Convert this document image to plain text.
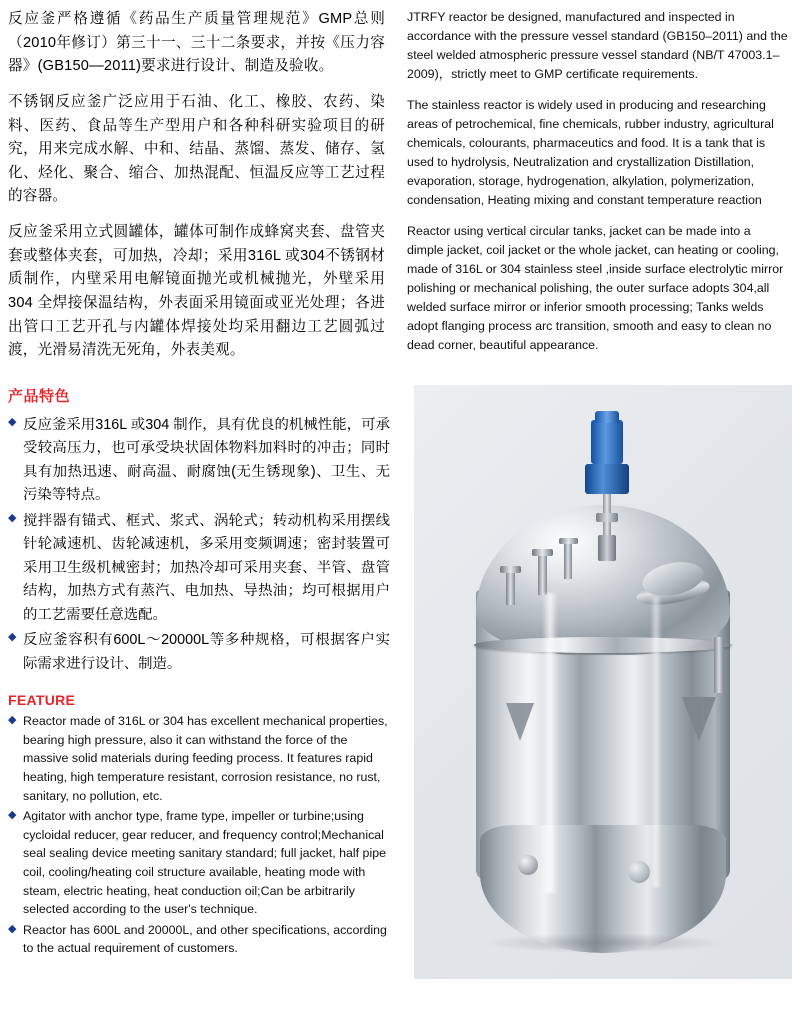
反应釜严格遵循《药品生产质量管理规范》GMP总则（2010年修订）第三十一、三十二条要求，并按《压力容器》(GB150—2011)要求进行设计、制造及验收。

不锈钢反应釜广泛应用于石油、化工、橡胶、农药、染料、医药、食品等生产型用户和各种科研实验项目的研究，用来完成水解、中和、结晶、蒸馏、蒸发、储存、氢化、烃化、聚合、缩合、加热混配、恒温反应等工艺过程的容器。

反应釜采用立式圆罐体，罐体可制作成蜂窝夹套、盘管夹套或整体夹套，可加热，冷却；采用316L 或304不锈钢材质制作，内壁采用电解镜面抛光或机械抛光，外壁采用304 全焊接保温结构，外表面采用镜面或亚光处理；各进出管口工艺开孔与内罐体焊接处均采用翻边工艺圆弧过渡，光滑易清洗无死角，外表美观。

JTRFY reactor be designed, manufactured and inspected in accordance with the pressure vessel standard (GB150–2011) and the steel welded atmospheric pressure vessel standard (NB/T 47003.1–2009)，strictly meet to GMP certificate requirements.

The stainless reactor is widely used in producing and researching areas of petrochemical, fine chemicals, rubber industry, agricultural chemicals, colourants, pharmaceutics and food. It is a tank that is used to hydrolysis, Neutralization and crystallization Distillation, evaporation, storage, hydrogenation, alkylation, polymerization, condensation, Heating mixing and constant temperature reaction

Reactor using vertical circular tanks, jacket can be made into a dimple jacket, coil jacket or the whole jacket, can heating or cooling, made of 316L or 304 stainless steel ,inside surface electrolytic mirror polishing or mechanical polishing, the outer surface adopts 304,all welded surface mirror or inferior smooth processing; Tanks welds adopt flanging process arc transition, smooth and easy to clean no dead corner, beautiful appearance.

产品特色
◆ 反应釜采用316L 或304 制作，具有优良的机械性能，可承受较高压力，也可承受块状固体物料加料时的冲击；同时具有加热迅速、耐高温、耐腐蚀(无生锈现象)、卫生、无污染等特点。
◆ 搅拌器有锚式、框式、浆式、涡轮式；转动机构采用摆线针轮减速机、齿轮减速机，多采用变频调速；密封装置可采用卫生级机械密封；加热冷却可采用夹套、半管、盘管结构，加热方式有蒸汽、电加热、导热油；均可根据用户的工艺需要任意选配。
◆ 反应釜容积有600L～20000L等多种规格，可根据客户实际需求进行设计、制造。
FEATURE
◆ Reactor made of 316L or 304 has excellent mechanical properties, bearing high pressure, also it can withstand the force of the massive solid materials during feeding process. It features rapid heating, high temperature resistant, corrosion resistance, no rust, sanitary, no pollution, etc.
◆ Agitator with anchor type, frame type, impeller or turbine;using cycloidal reducer, gear reducer, and frequency control;Mechanical seal sealing device meeting sanitary standard; full jacket, half pipe coil, cooling/heating coil structure available, heating mode with steam, electric heating, heat conduction oil;Can be arbitrarily selected according to the user's technique.
◆ Reactor has 600L and 20000L, and other specifications, according to the actual requirement of customers.
